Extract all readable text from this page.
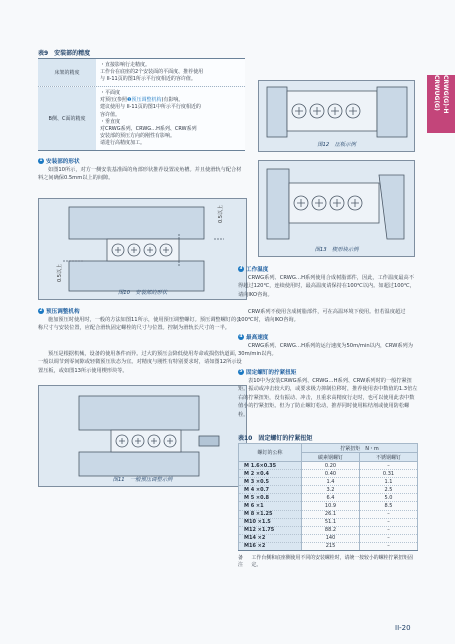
CRWG(G)-H CRWUG(G)
表9　安装部的精度
床架的精度
・直接影响行走精度。
工作台在底座的2个安装面的平面度、推荐使用
与 II-11页的图1所示平行度相近的容许值。
B侧、C面的精度
・平面度
对预压(参照❶预压调整机构)有影响。
建议使用与 II-11页的图1中所示平行度相近的
容许值。
・垂直度
对CRWG系列、CRWG…H系列、CRW系列
安装部的预压方向的刚性有影响。
请进行高精度加工。
1 安装部的形状
如图10所示，对方一侧安装基准面的角部形状推荐设置凌角槽。并且使滑轨与配合材料之间确保0.5mm以上的间隙。
0.5以上
0.5以上
图10　安装部的形状
2 预压调整机构
施加预压时使用时，一般的方法如图11所示，使用预压调整螺钉。预压调整螺钉的公称尺寸与安装位置，应配合滑轨固定螺栓的尺寸与位置。控制为滑轨长尺寸的一半。
预压是根据机械，设备的使用条件而异。过大的预压会降低使用寿命或损伤轨道面，一般以调节到零间隙或轻微预压状态为宜。对精度与刚性有特别要求时，请如图12所示设置压板，或如图13所示使用楔形块等。
图11　一般预压调整示例
图12　压板示例
图13　楔形块示例
3 工作温度
CRWG系列、CRWG…H系列使用合成树脂部件，因此，工作温度最高不得超过120℃，连续使用时，最高温度请保持在100℃以内。如超过100℃，请向IKO咨询。
CRW系列不使用含成树脂部件，可在高温环境下使用。但若温度超过100℃时，请向IKO咨询。
4 最高速度
CRWG系列、CRWG…H系列的运行速度为50m/min以内，CRW系列为30m/min以内。
5 固定螺钉的拧紧扭矩
表10中为安装CRWG系列、CRWG…H系列、CRW系列时的一般拧紧扭矩。振动或冲击较大的，或要求极力抑制位移时，推荐使用表中数值的1.3倍左右的拧紧扭矩，没有振动、冲击，且重求高精度行走时，也可以使用此表中数值小的拧紧扭矩。但为了防止螺钉松动，推荐同时使用粘结剂或使用防松螺栓。
表10　固定螺钉的拧紧扭矩
螺钉的公称	拧紧扭矩　N・m	
	碳素钢螺钉	不锈钢螺钉
M 1.6×0.35	0.20	–
M 2 ×0.4	0.40	0.31
M 3 ×0.5	1.4	1.1
M 4 ×0.7	3.2	2.5
M 5 ×0.8	6.4	5.0
M 6 ×1	10.9	8.5
M 8 ×1.25	26.1	–
M10 ×1.5	51.1	–
M12 ×1.75	88.2	–
M14 ×2	140	–
M16 ×2	215	–
备注
工作台侧和底座侧使用不同的安装螺栓时，请统一按较小的螺栓拧紧扭矩固定。
II-20
